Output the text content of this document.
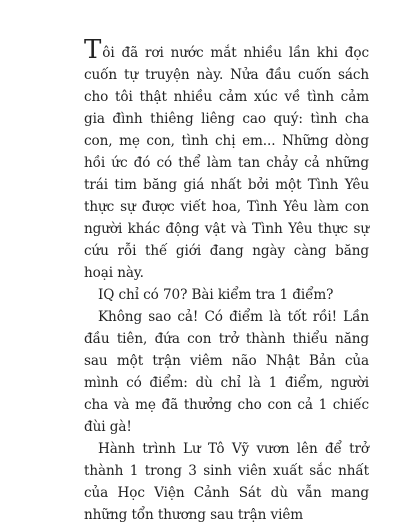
Tôi đã rơi nước mắt nhiều lần khi đọc cuốn tự truyện này. Nửa đầu cuốn sách cho tôi thật nhiều cảm xúc về tình cảm gia đình thiêng liêng cao quý: tình cha con, mẹ con, tình chị em... Những dòng hồi ức đó có thể làm tan chảy cả những trái tim băng giá nhất bởi một Tình Yêu thực sự được viết hoa, Tình Yêu làm con người khác động vật và Tình Yêu thực sự cứu rỗi thế giới đang ngày càng băng hoại này.

IQ chỉ có 70? Bài kiểm tra 1 điểm?

Không sao cả! Có điểm là tốt rồi! Lần đầu tiên, đứa con trở thành thiểu năng sau một trận viêm não Nhật Bản của mình có điểm: dù chỉ là 1 điểm, người cha và mẹ đã thưởng cho con cả 1 chiếc đùi gà!

Hành trình Lư Tô Vỹ vươn lên để trở thành 1 trong 3 sinh viên xuất sắc nhất của Học Viện Cảnh Sát dù vẫn mang những tổn thương sau trận viêm
